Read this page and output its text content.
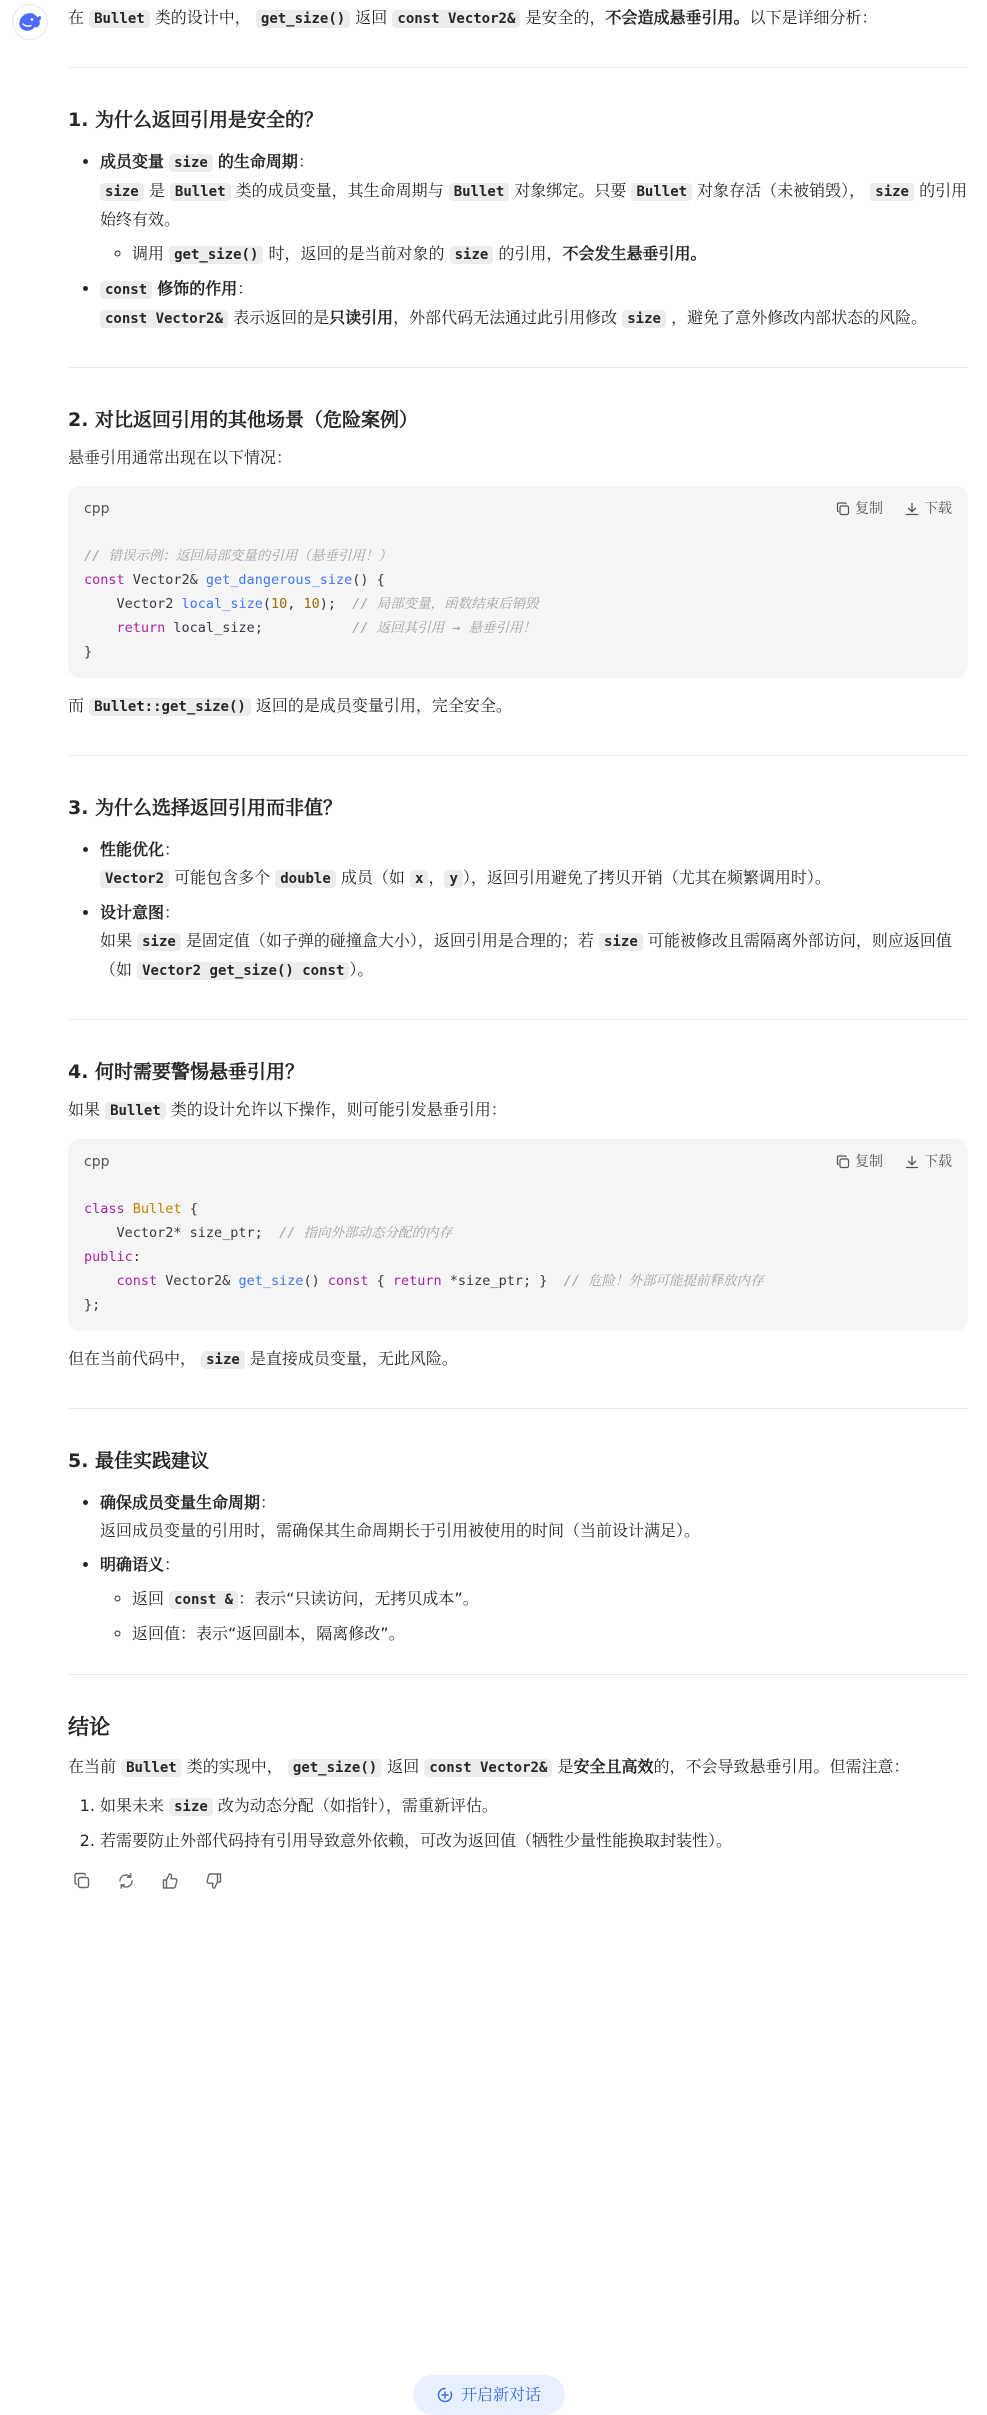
在 Bullet 类的设计中， get_size() 返回 const Vector2& 是安全的，不会造成悬垂引用。以下是详细分析：

1. 为什么返回引用是安全的？
• 成员变量 size 的生命周期：
size 是 Bullet 类的成员变量，其生命周期与 Bullet 对象绑定。只要 Bullet 对象存活（未被销毁）， size 的引用始终有效。
◦ 调用 get_size() 时，返回的是当前对象的 size 的引用，不会发生悬垂引用。
• const 修饰的作用：
const Vector2& 表示返回的是只读引用，外部代码无法通过此引用修改 size ，避免了意外修改内部状态的风险。
2. 对比返回引用的其他场景（危险案例）

悬垂引用通常出现在以下情况：

cpp	复制	下载
// 错误示例：返回局部变量的引用（悬垂引用！）
const Vector2& get_dangerous_size() {
Vector2 local_size(10, 10);  // 局部变量，函数结束后销毁
return local_size;           // 返回其引用 → 悬垂引用！
}

而 Bullet::get_size() 返回的是成员变量引用，完全安全。

3. 为什么选择返回引用而非值？
• 性能优化：
Vector2 可能包含多个 double 成员（如 x ， y ），返回引用避免了拷贝开销（尤其在频繁调用时）。
• 设计意图：
如果 size 是固定值（如子弹的碰撞盒大小），返回引用是合理的；若 size 可能被修改且需隔离外部访问，则应返回值（如 Vector2 get_size() const ）。
4. 何时需要警惕悬垂引用？

如果 Bullet 类的设计允许以下操作，则可能引发悬垂引用：

cpp	复制	下载
class Bullet {
Vector2* size_ptr;  // 指向外部动态分配的内存
public:
const Vector2& get_size() const { return *size_ptr; }  // 危险！外部可能提前释放内存
};

但在当前代码中， size 是直接成员变量，无此风险。

5. 最佳实践建议
• 确保成员变量生命周期：
返回成员变量的引用时，需确保其生命周期长于引用被使用的时间（当前设计满足）。
• 明确语义：
◦ 返回 const & ：表示“只读访问，无拷贝成本”。
◦ 返回值：表示“返回副本，隔离修改”。
结论

在当前 Bullet 类的实现中， get_size() 返回 const Vector2& 是安全且高效的，不会导致悬垂引用。但需注意：

1. 如果未来 size 改为动态分配（如指针），需重新评估。
2. 若需要防止外部代码持有引用导致意外依赖，可改为返回值（牺牲少量性能换取封装性）。
开启新对话
